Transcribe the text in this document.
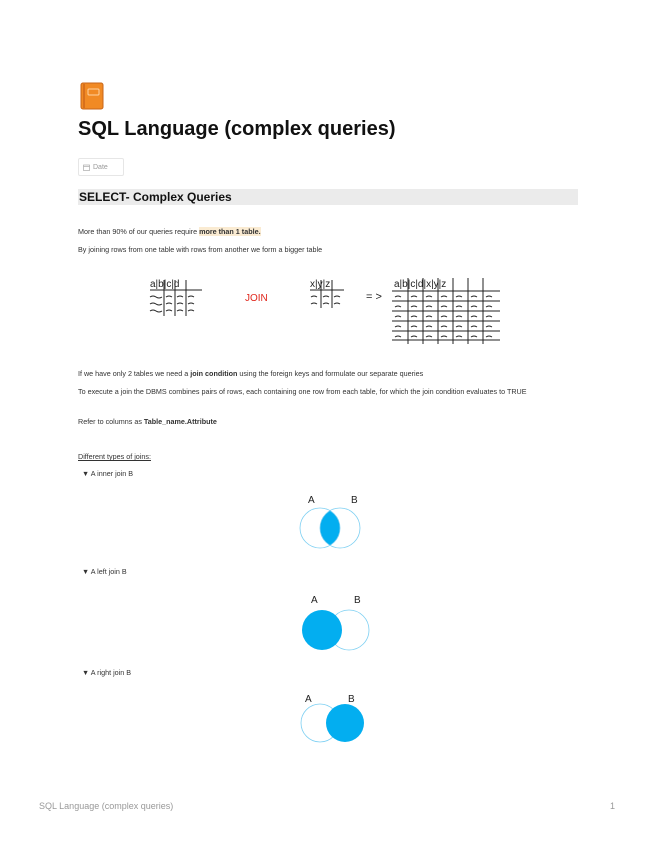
SQL Language (complex queries)
Date
SELECT- Complex Queries
More than 90% of our queries require more than 1 table.
By joining rows from one table with rows from another we form a bigger table
a|b|c|d
JOIN
x|y|z
= >
a|b|c|d|x|y|z
If we have only 2 tables we need a join condition using the foreign keys and formulate our separate queries
To execute a join the DBMS combines pairs of rows, each containing one row from each table, for which the join condition evaluates to TRUE
Refer to columns as Table_name.Attribute
Different types of joins:
▼ A inner join B
A	B
▼ A left join B
A	B
▼ A right join B
A	B
SQL Language (complex queries)	1
